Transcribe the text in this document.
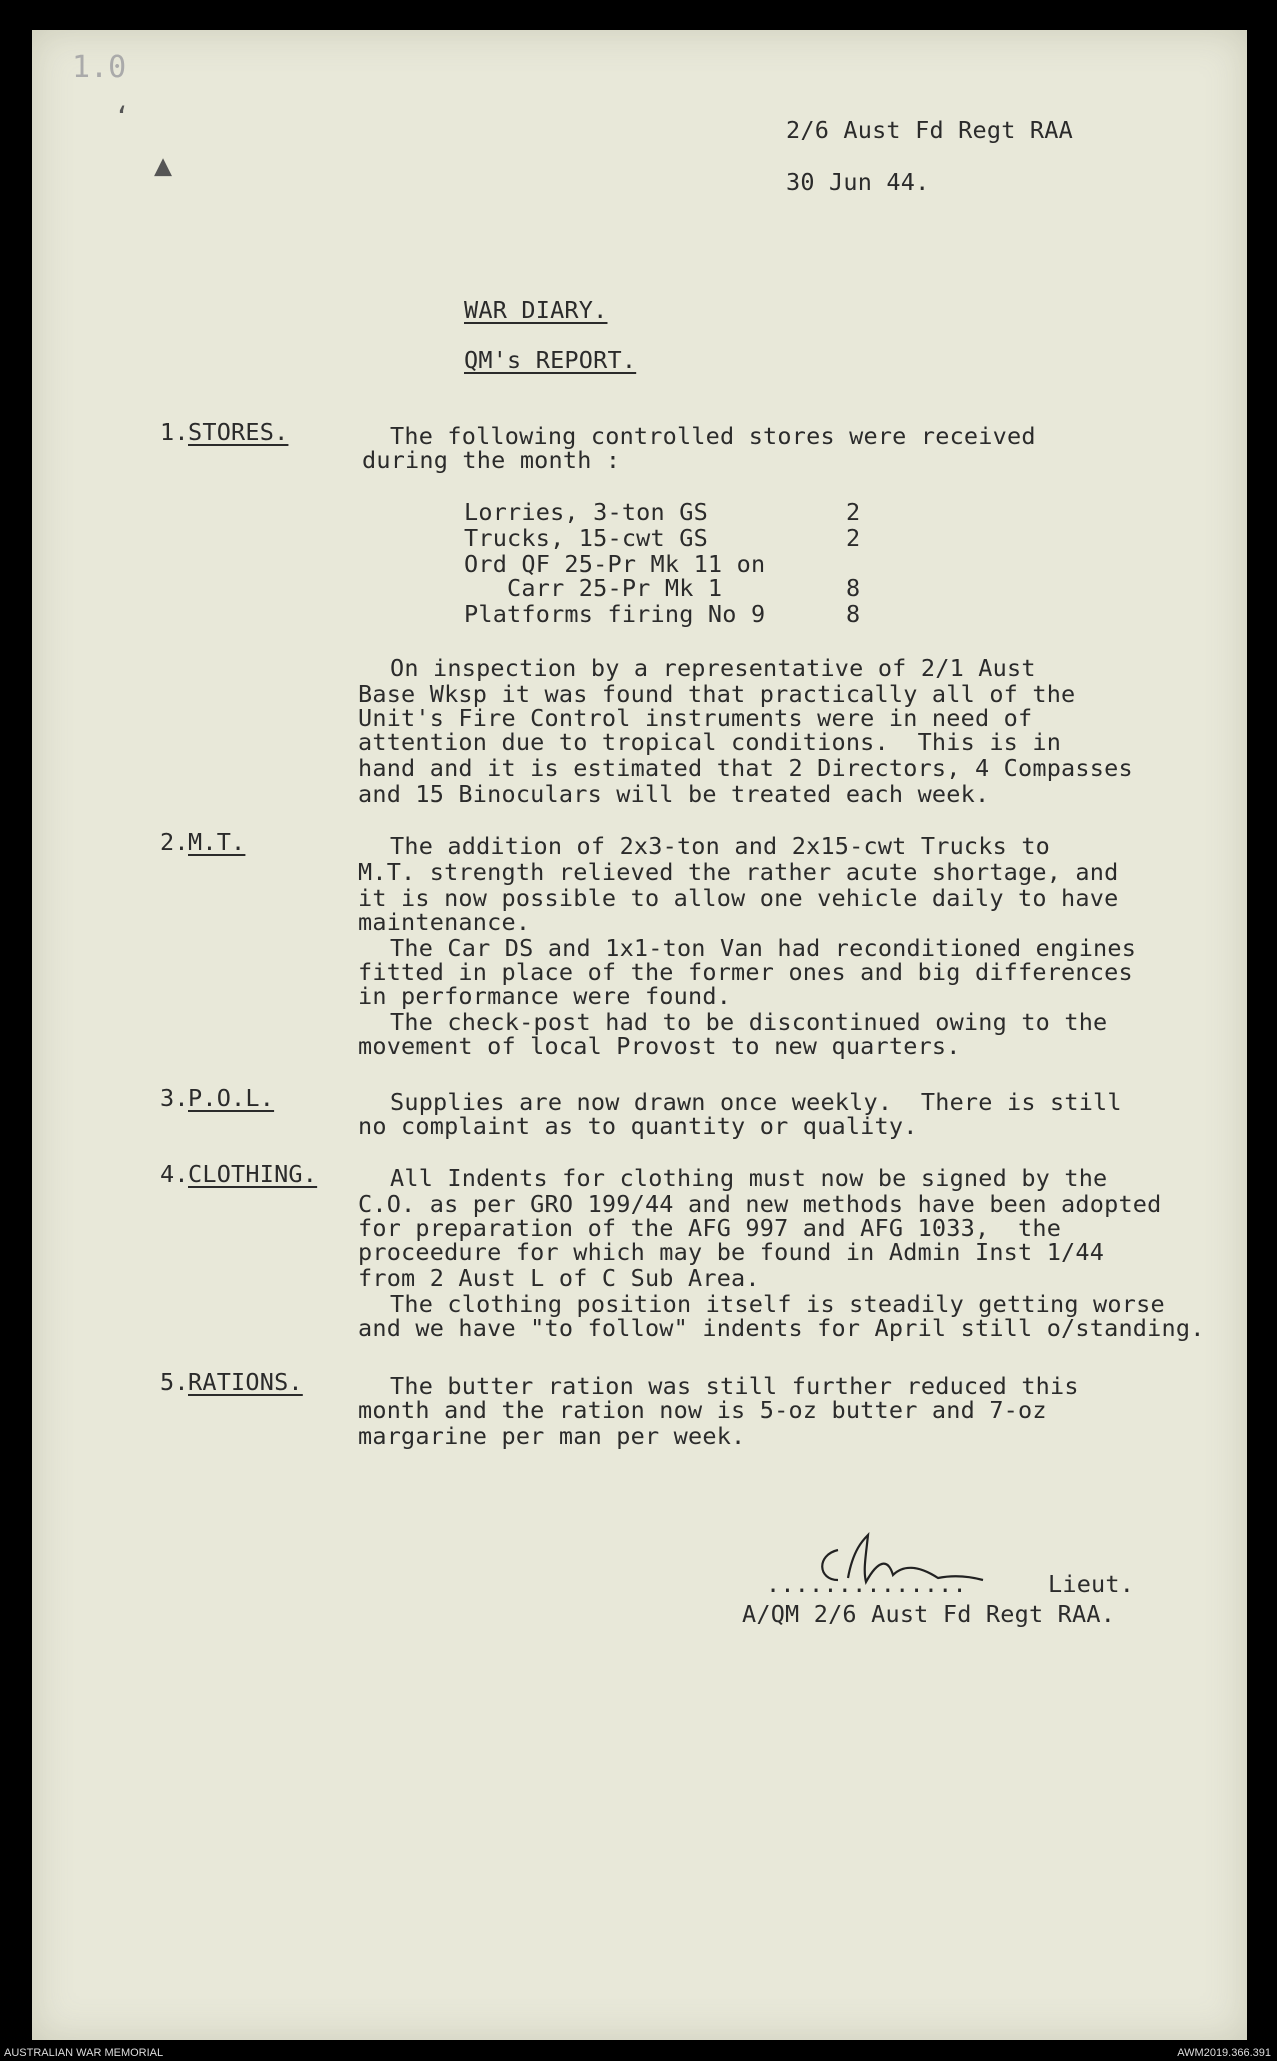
1.0
‘
▲
2/6 Aust Fd Regt RAA
30 Jun 44.
WAR DIARY.
QM's REPORT.
1. STORES.	The following controlled stores were received
during the month :
Lorries, 3-ton GS	2
Trucks, 15-cwt GS	2
Ord QF 25-Pr Mk 11 on
Carr 25-Pr Mk 1	8
Platforms firing No 9	8
On inspection by a representative of 2/1 Aust
Base Wksp it was found that practically all of the
Unit's Fire Control instruments were in need of
attention due to tropical conditions.  This is in
hand and it is estimated that 2 Directors, 4 Compasses
and 15 Binoculars will be treated each week.
2. M.T.	The addition of 2x3-ton and 2x15-cwt Trucks to
M.T. strength relieved the rather acute shortage, and
it is now possible to allow one vehicle daily to have
maintenance.
The Car DS and 1x1-ton Van had reconditioned engines
fitted in place of the former ones and big differences
in performance were found.
The check-post had to be discontinued owing to the
movement of local Provost to new quarters.
3. P.O.L.	Supplies are now drawn once weekly.  There is still
no complaint as to quantity or quality.
4. CLOTHING.	All Indents for clothing must now be signed by the
C.O. as per GRO 199/44 and new methods have been adopted
for preparation of the AFG 997 and AFG 1033,  the
proceedure for which may be found in Admin Inst 1/44
from 2 Aust L of C Sub Area.
The clothing position itself is steadily getting worse
and we have "to follow" indents for April still o/standing.
5. RATIONS.	The butter ration was still further reduced this
month and the ration now is 5-oz butter and 7-oz
margarine per man per week.
..............	Lieut.
A/QM 2/6 Aust Fd Regt RAA.
AUSTRALIAN WAR MEMORIAL	AWM2019.366.391
